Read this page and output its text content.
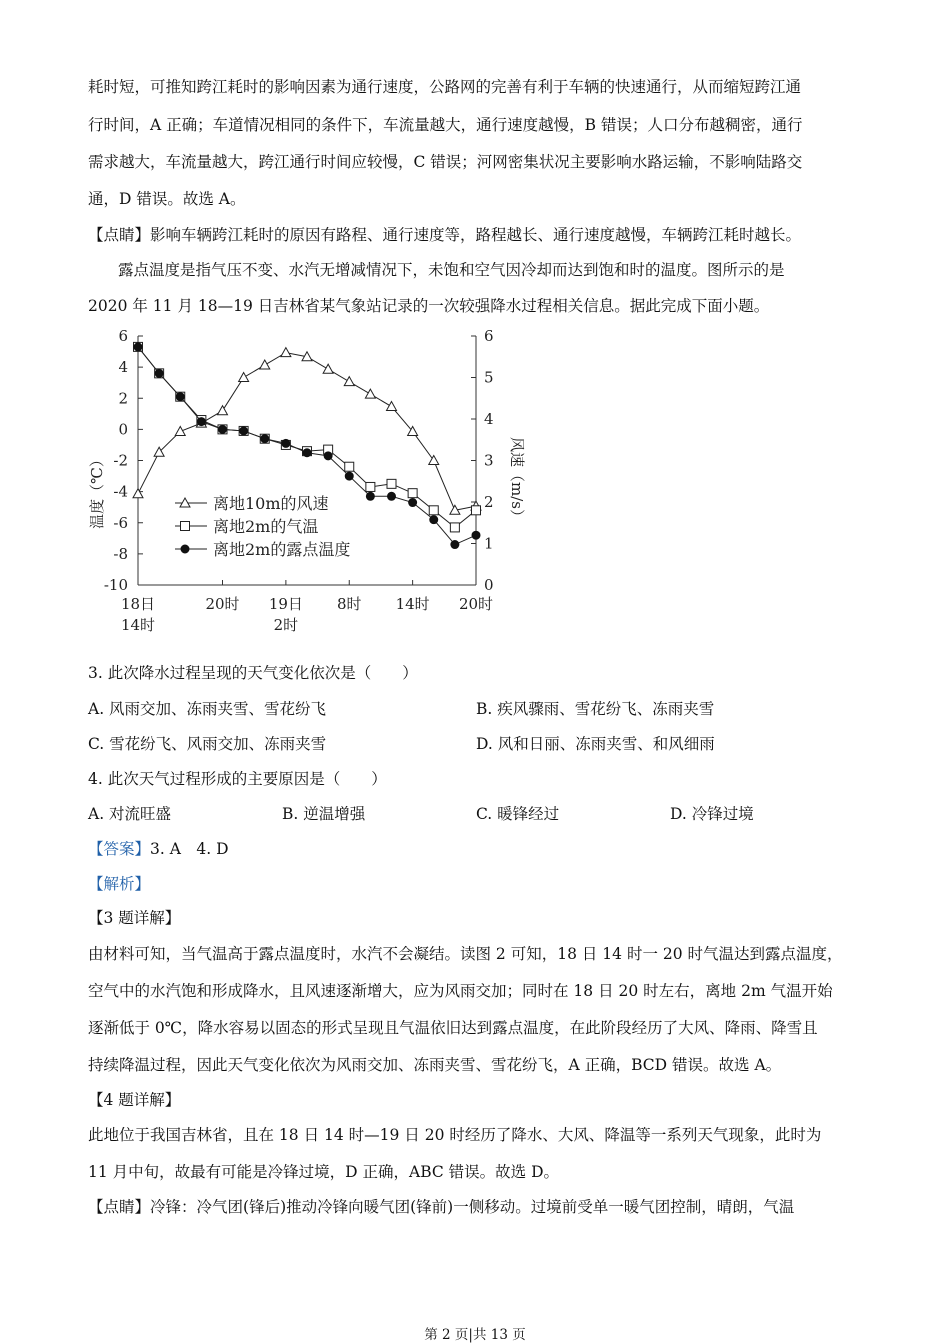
耗时短，可推知跨江耗时的影响因素为通行速度，公路网的完善有利于车辆的快速通行，从而缩短跨江通
行时间，A 正确；车道情况相同的条件下，车流量越大，通行速度越慢，B 错误；人口分布越稠密，通行
需求越大，车流量越大，跨江通行时间应较慢，C 错误；河网密集状况主要影响水路运输，不影响陆路交
通，D 错误。故选 A。
【点睛】影响车辆跨江耗时的原因有路程、通行速度等，路程越长、通行速度越慢，车辆跨江耗时越长。
露点温度是指气压不变、水汽无增减情况下，未饱和空气因冷却而达到饱和时的温度。图所示的是
2020 年 11 月 18—19 日吉林省某气象站记录的一次较强降水过程相关信息。据此完成下面小题。
6
4
2
0
-2
-4
-6
-8
-10
6
5
4
3
2
1
0
18日
14时
20时 19日
2时
8时 14时 20时
温度（℃）	风速（m/s）
离地10m的风速
离地2m的气温
离地2m的露点温度
3. 此次降水过程呈现的天气变化依次是（　　）
A. 风雨交加、冻雨夹雪、雪花纷飞	B. 疾风骤雨、雪花纷飞、冻雨夹雪
C. 雪花纷飞、风雨交加、冻雨夹雪	D. 风和日丽、冻雨夹雪、和风细雨
4. 此次天气过程形成的主要原因是（　　）
A. 对流旺盛	B. 逆温增强	C. 暖锋经过	D. 冷锋过境
【答案】3. A　4. D
【解析】
【3 题详解】
由材料可知，当气温高于露点温度时，水汽不会凝结。读图 2 可知，18 日 14 时一 20 时气温达到露点温度，
空气中的水汽饱和形成降水，且风速逐渐增大，应为风雨交加；同时在 18 日 20 时左右，离地 2m 气温开始
逐渐低于 0℃，降水容易以固态的形式呈现且气温依旧达到露点温度，在此阶段经历了大风、降雨、降雪且
持续降温过程，因此天气变化依次为风雨交加、冻雨夹雪、雪花纷飞，A 正确，BCD 错误。故选 A。
【4 题详解】
此地位于我国吉林省，且在 18 日 14 时—19 日 20 时经历了降水、大风、降温等一系列天气现象，此时为
11 月中旬，故最有可能是冷锋过境，D 正确，ABC 错误。故选 D。
【点睛】冷锋：冷气团(锋后)推动冷锋向暖气团(锋前)一侧移动。过境前受单一暖气团控制，晴朗，气温
第 2 页|共 13 页
